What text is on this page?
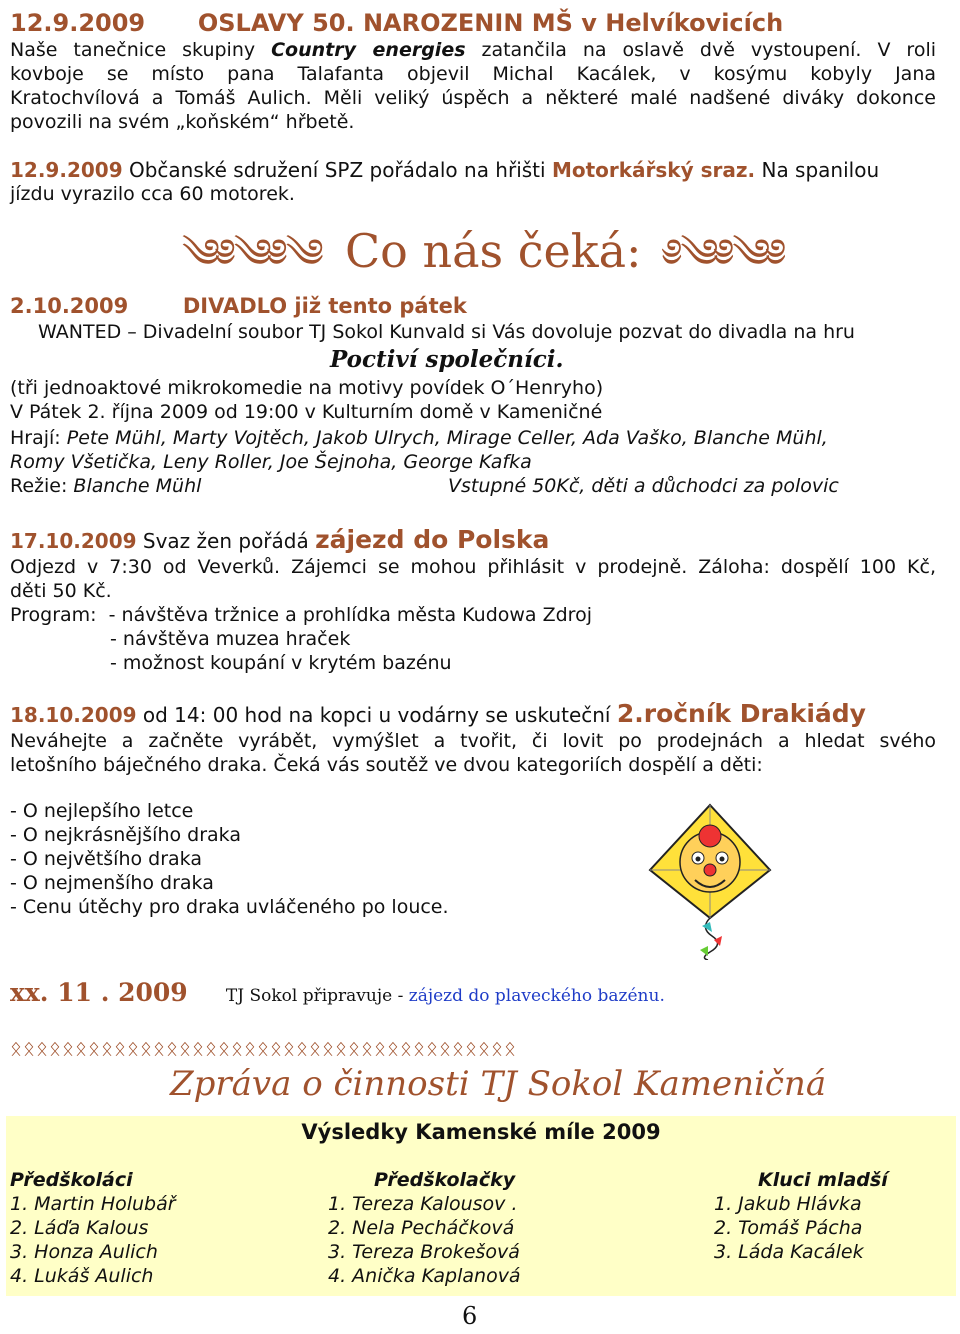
12.9.2009 OSLAVY 50. NAROZENIN MŠ v Helvíkovicích
Naše tanečnice skupiny Country energies zatančila na oslavě dvě vystoupení. V roli
kovboje se místo pana Talafanta objevil Michal Kacálek, v kosýmu kobyly Jana
Kratochvílová a Tomáš Aulich. Měli veliký úspěch a některé malé nadšené diváky dokonce
povozili na svém „koňském“ hřbetě.
12.9.2009 Občanské sdružení SPZ pořádalo na hřišti Motorkářský sraz. Na spanilou
jízdu vyrazilo cca 60 motorek.
༄༅༄༅༄ Co nás čeká: ༅༄༅༄༅
2.10.2009	DIVADLO již tento pátek
WANTED – Divadelní soubor TJ Sokol Kunvald si Vás dovoluje pozvat do divadla na hru
Poctiví společníci.
(tři jednoaktové mikrokomedie na motivy povídek O´Henryho)
V Pátek 2. října 2009 od 19:00 v Kulturním domě v Kameničné
Hrají: Pete Mühl, Marty Vojtěch, Jakob Ulrych, Mirage Celler, Ada Vaško, Blanche Mühl,
Romy Všetička, Leny Roller, Joe Šejnoha, George Kafka
Režie: Blanche Mühl	Vstupné 50Kč, děti a důchodci za polovic
17.10.2009 Svaz žen pořádá zájezd do Polska
Odjezd v 7:30 od Veverků. Zájemci se mohou přihlásit v prodejně. Záloha: dospělí 100 Kč,
děti 50 Kč.
Program: - návštěva tržnice a prohlídka města Kudowa Zdroj
- návštěva muzea hraček
- možnost koupání v krytém bazénu
18.10.2009 od 14: 00 hod na kopci u vodárny se uskuteční 2.ročník Drakiády
Neváhejte a začněte vyrábět, vymýšlet a tvořit, či lovit po prodejnách a hledat svého
letošního báječného draka. Čeká vás soutěž ve dvou kategoriích dospělí a děti:
- O nejlepšího letce
- O nejkrásnějšího draka
- O největšího draka
- O nejmenšího draka
- Cenu útěchy pro draka uvláčeného po louce.
xx. 11 . 2009 TJ Sokol připravuje - zájezd do plaveckého bazénu.
ᛟᛟᛟᛟᛟᛟᛟᛟᛟᛟᛟᛟᛟᛟᛟᛟᛟᛟᛟᛟᛟᛟᛟᛟᛟᛟᛟᛟᛟᛟᛟᛟᛟᛟᛟᛟᛟᛟᛟ
Zpráva o činnosti TJ Sokol Kameničná
Výsledky Kamenské míle 2009
Předškoláci
1. Martin Holubář
2. Láďa Kalous
3. Honza Aulich
4. Lukáš Aulich
Předškolačky
1. Tereza Kalousov .
2. Nela Pecháčková
3. Tereza Brokešová
4. Anička Kaplanová
Kluci mladší
1. Jakub Hlávka
2. Tomáš Pácha
3. Láda Kacálek
6
